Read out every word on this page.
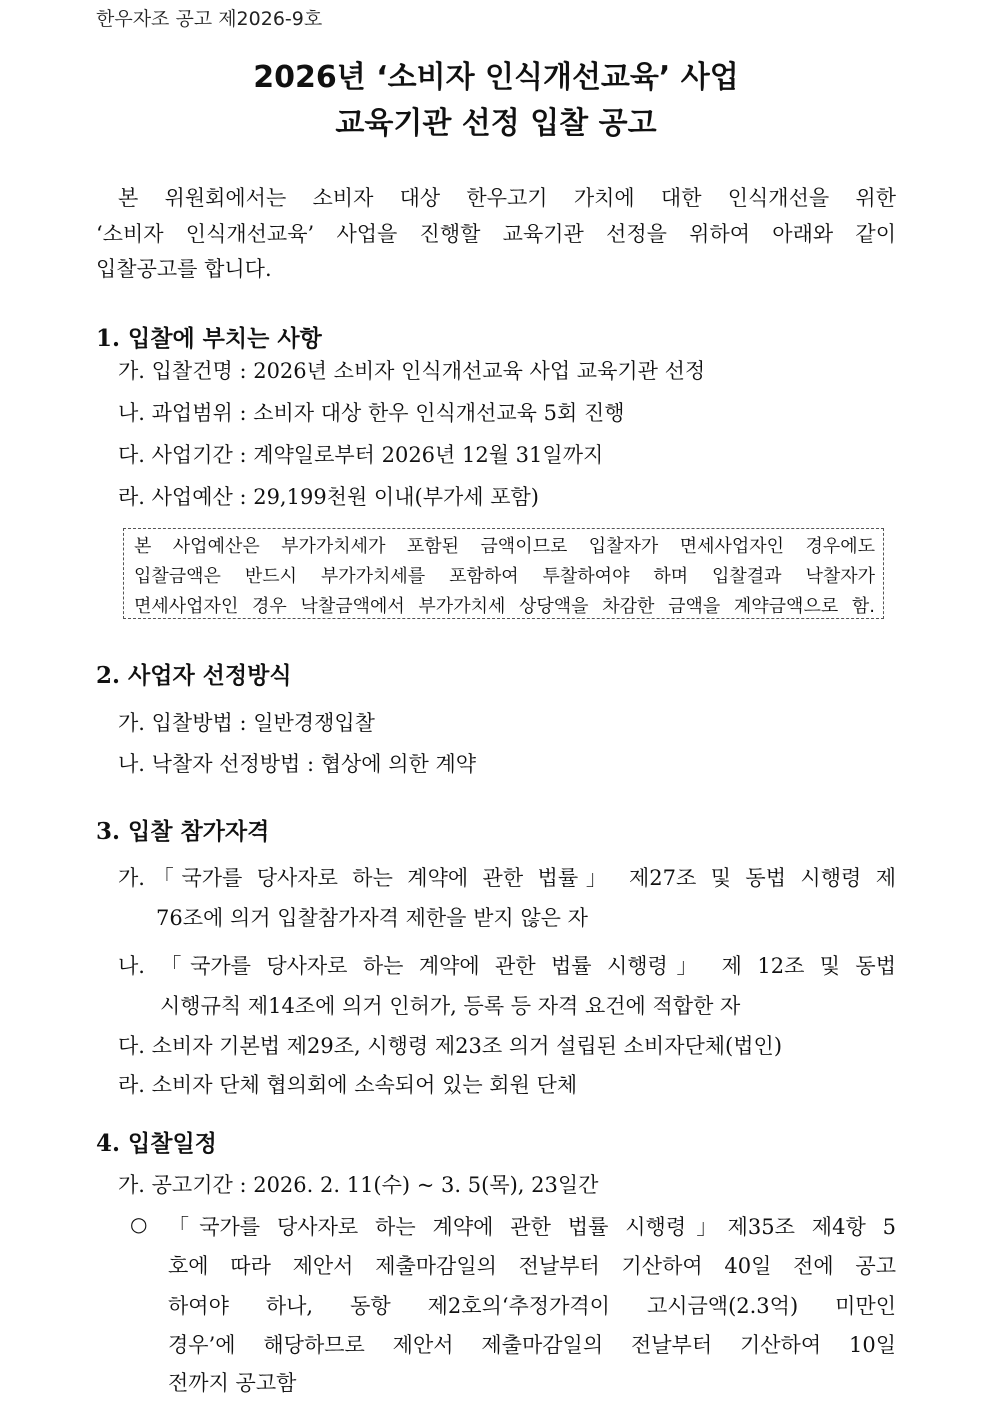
한우자조 공고 제2026-9호
2026년 ‘소비자 인식개선교육’ 사업
교육기관 선정 입찰 공고
본 위원회에서는 소비자 대상 한우고기 가치에 대한 인식개선을 위한
‘소비자 인식개선교육’ 사업을 진행할 교육기관 선정을 위하여 아래와 같이
입찰공고를 합니다.
1. 입찰에 부치는 사항
가. 입찰건명 : 2026년 소비자 인식개선교육 사업 교육기관 선정
나. 과업범위 : 소비자 대상 한우 인식개선교육 5회 진행
다. 사업기간 : 계약일로부터 2026년 12월 31일까지
라. 사업예산 : 29,199천원 이내(부가세 포함)
본 사업예산은 부가가치세가 포함된 금액이므로 입찰자가 면세사업자인 경우에도
입찰금액은 반드시 부가가치세를 포함하여 투찰하여야 하며 입찰결과 낙찰자가
면세사업자인 경우 낙찰금액에서 부가가치세 상당액을 차감한 금액을 계약금액으로 함.
2. 사업자 선정방식
가. 입찰방법 : 일반경쟁입찰
나. 낙찰자 선정방법 : 협상에 의한 계약
3. 입찰 참가자격
가.「국가를 당사자로 하는 계약에 관한 법률」 제27조 및 동법 시행령 제
76조에 의거 입찰참가자격 제한을 받지 않은 자
나. 「국가를 당사자로 하는 계약에 관한 법률 시행령」 제 12조 및 동법
시행규칙 제14조에 의거 인허가, 등록 등 자격 요건에 적합한 자
다. 소비자 기본법 제29조, 시행령 제23조 의거 설립된 소비자단체(법인)
라. 소비자 단체 협의회에 소속되어 있는 회원 단체
4. 입찰일정
가. 공고기간 : 2026. 2. 11(수) ~ 3. 5(목), 23일간
○ 「국가를 당사자로 하는 계약에 관한 법률 시행령」제35조 제4항 5
호에 따라 제안서 제출마감일의 전날부터 기산하여 40일 전에 공고
하여야 하나, 동항 제2호의‘추정가격이 고시금액(2.3억) 미만인
경우’에 해당하므로 제안서 제출마감일의 전날부터 기산하여 10일
전까지 공고함
